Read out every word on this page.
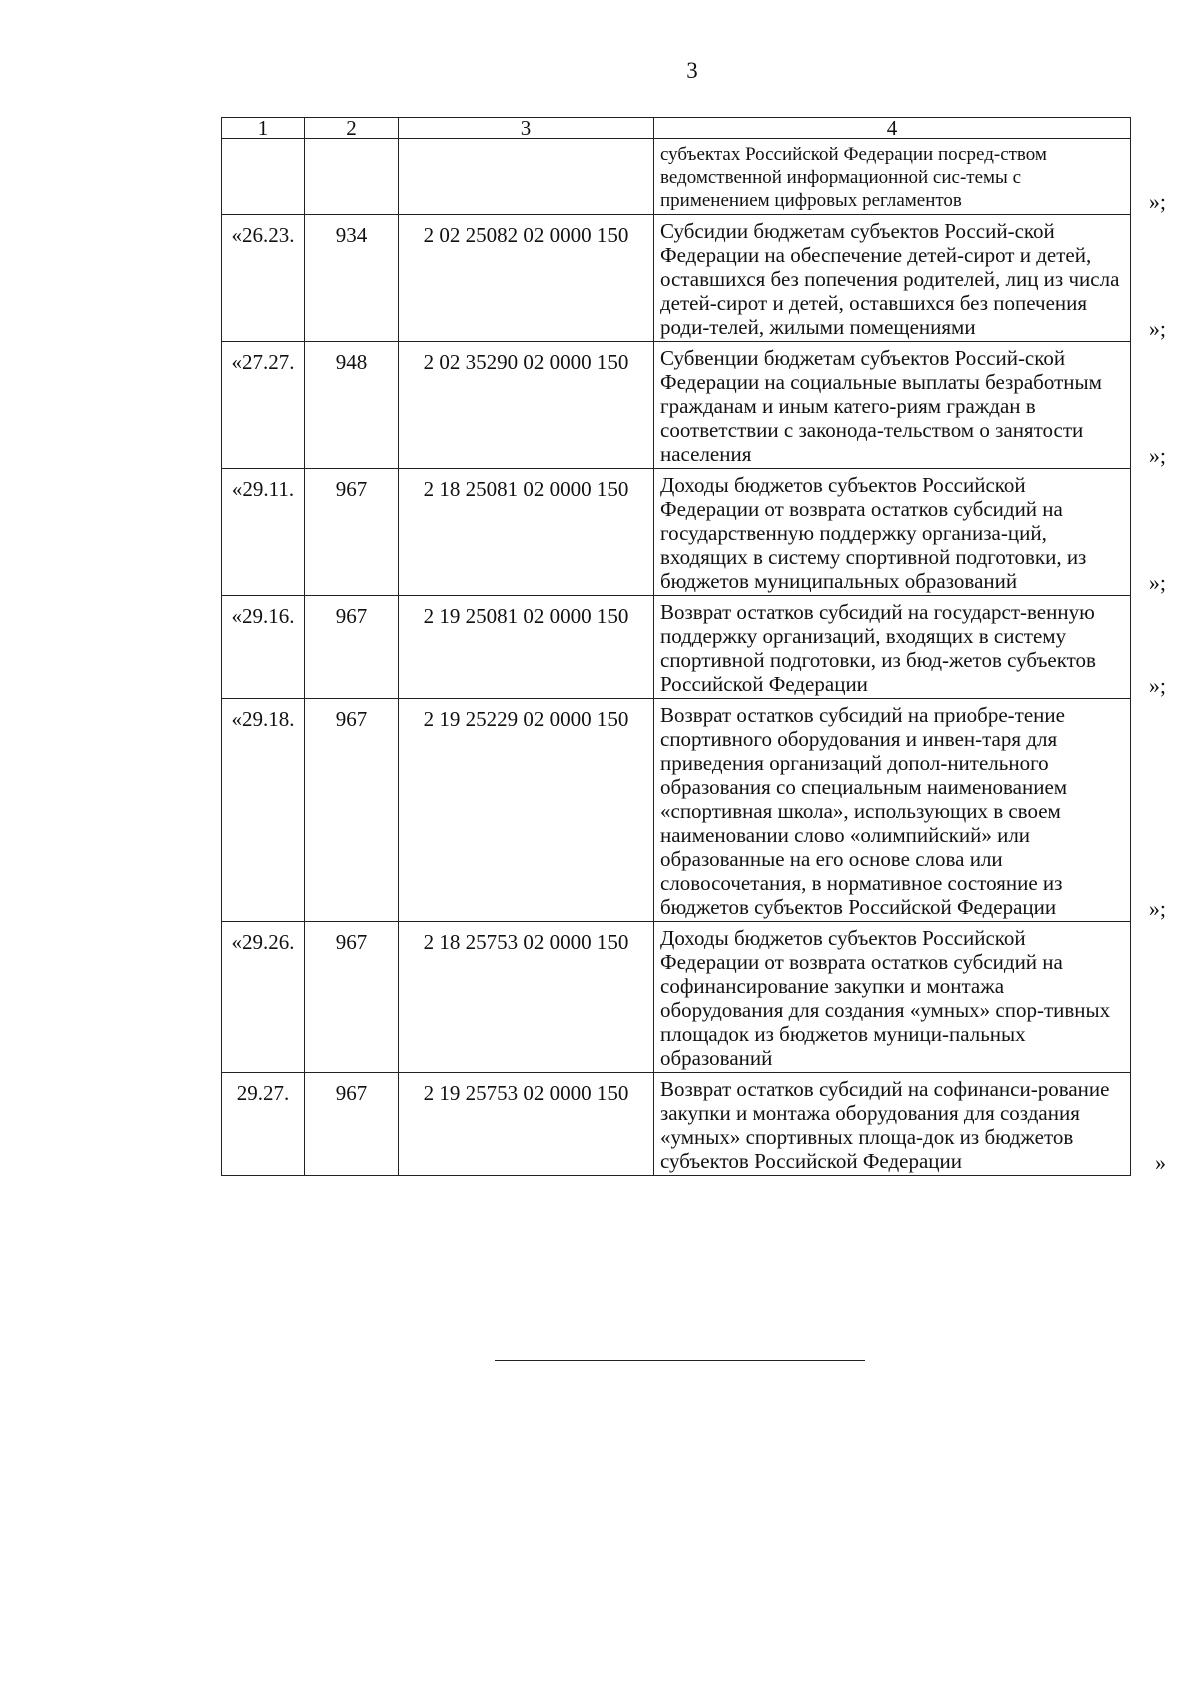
3
1	2	3	4
			субъектах Российской Федерации посред-ством ведомственной информационной сис-темы с применением цифровых регламентов »;

«26.23.	934	2 02 25082 02 0000 150	Субсидии бюджетам субъектов Россий-ской Федерации на обеспечение детей-сирот и детей, оставшихся без попечения родителей, лиц из числа детей-сирот и детей, оставшихся без попечения роди-телей, жилыми помещениями »;

«27.27.	948	2 02 35290 02 0000 150	Субвенции бюджетам субъектов Россий-ской Федерации на социальные выплаты безработным гражданам и иным катего-риям граждан в соответствии с законода-тельством о занятости населения »;

«29.11.	967	2 18 25081 02 0000 150	Доходы бюджетов субъектов Российской Федерации от возврата остатков субсидий на государственную поддержку организа-ций, входящих в систему спортивной подготовки, из бюджетов муниципальных образований »;

«29.16.	967	2 19 25081 02 0000 150	Возврат остатков субсидий на государст-венную поддержку организаций, входящих в систему спортивной подготовки, из бюд-жетов субъектов Российской Федерации »;

«29.18.	967	2 19 25229 02 0000 150	Возврат остатков субсидий на приобре-тение спортивного оборудования и инвен-таря для приведения организаций допол-нительного образования со специальным наименованием «спортивная школа», использующих в своем наименовании слово «олимпийский» или образованные на его основе слова или словосочетания, в нормативное состояние из бюджетов субъектов Российской Федерации »;

«29.26.	967	2 18 25753 02 0000 150	Доходы бюджетов субъектов Российской Федерации от возврата остатков субсидий на софинансирование закупки и монтажа оборудования для создания «умных» спор-тивных площадок из бюджетов муници-пальных образований

29.27.	967	2 19 25753 02 0000 150	Возврат остатков субсидий на софинанси-рование закупки и монтажа оборудования для создания «умных» спортивных площа-док из бюджетов субъектов Российской Федерации »
